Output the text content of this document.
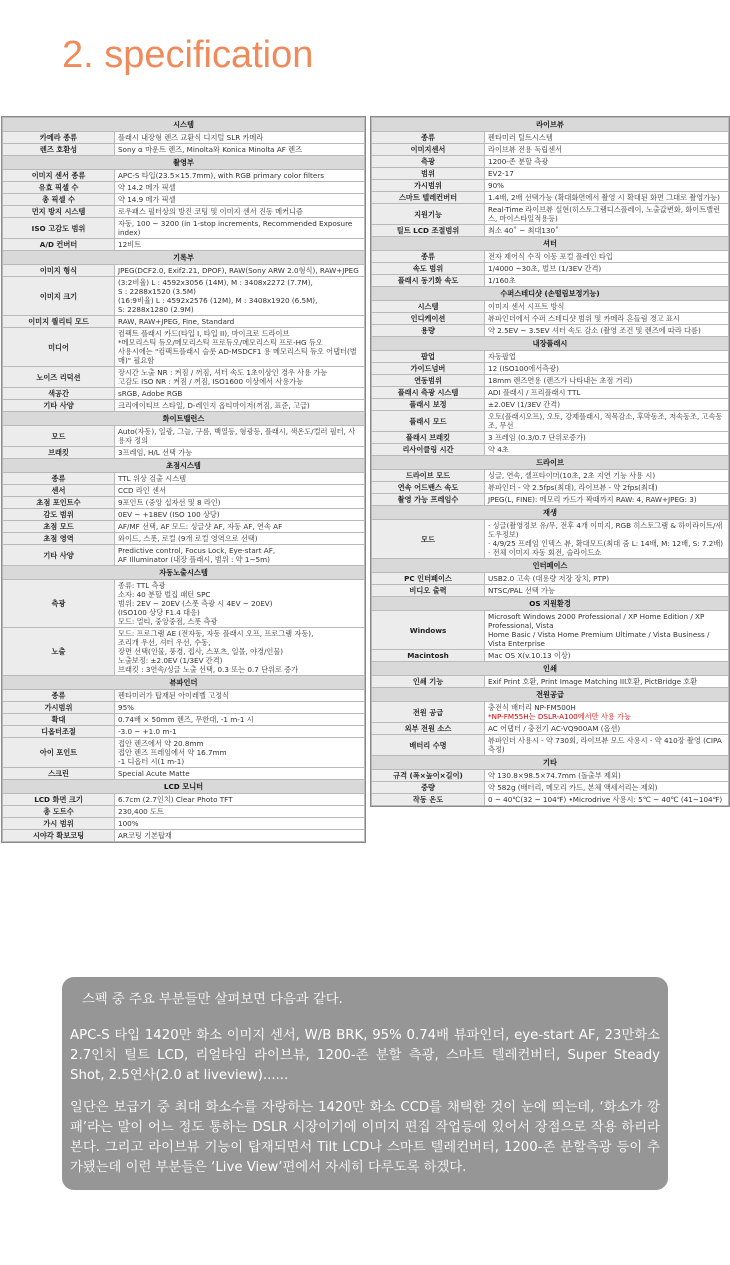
2. specification
시스템	
카메라 종류	플래시 내장형 렌즈 교환식 디지털 SLR 카메라
렌즈 호환성	Sony α 마운트 렌즈, Minolta와 Konica Minolta AF 렌즈
촬영부	
이미지 센서 종류	APC-S 타입(23.5×15.7mm), with RGB primary color filters
유효 픽셀 수	약 14.2 메가 픽셀
총 픽셀 수	약 14.9 메가 픽셀
먼지 방지 시스템	로우패스 필터상의 방진 코팅 및 이미지 센서 진동 메커니즘
ISO 고감도 범위	자동, 100 ~ 3200 (in 1-stop increments, Recommended Exposure index)
A/D 컨버터	12비트
기록부	
이미지 형식	JPEG(DCF2.0, Exif2.21, DPOF), RAW(Sony ARW 2.0형식), RAW+JPEG
이미지 크기	(3:2비율) L : 4592x3056 (14M), M : 3408x2272 (7.7M),
S : 2288x1520 (3.5M)
(16:9비율) L : 4592x2576 (12M), M : 3408x1920 (6.5M),
S: 2288x1280 (2.9M)
이미지 퀄리티 모드	RAW, RAW+JPEG, Fine, Standard
미디어	컴팩트 플래시 카드(타입 I, 타입 II), 마이크로 드라이브
*메모리스틱 듀오/메모리스틱 프로듀오/메모리스틱 프로-HG 듀오
사용시에는 "컴팩트플래시 슬롯 AD-MSDCF1 용 메모리스틱 듀오 어댑터(별매)" 필요함
노이즈 리덕션	장시간 노출 NR : 켜짐 / 꺼짐, 셔터 속도 1초이상인 경우 사용 가능
고감도 ISO NR : 켜짐 / 꺼짐, ISO1600 이상에서 사용가능
색공간	sRGB, Adobe RGB
기타 사양	크리에이티브 스타일, D-레인지 옵티마이저(꺼짐, 표준, 고급)
화이트밸런스	
모드	Auto(자동), 일광, 그늘, 구름, 백열등, 형광등, 플래시, 색온도/컬러 필터, 사용자 정의
브래킷	3프레임, H/L 선택 가능
초점시스템	
종류	TTL 위상 검출 시스템
센서	CCD 라인 센서
초점 포인트수	9포인트 (중앙 십자선 및 8 라인)
감도 범위	0EV ~ +18EV (ISO 100 상당)
초점 모드	AF/MF 선택, AF 모드: 싱글샷 AF, 자동 AF, 연속 AF
초점 영역	와이드, 스폿, 로컬 (9개 로컬 영역으로 선택)
기타 사양	Predictive control, Focus Lock, Eye-start AF,
AF Illuminator (내장 플래시, 범위 : 약 1~5m)
자동노출시스템	
측광	종류: TTL 측광
소자: 40 분할 벌집 패턴 SPC
범위: 2EV ~ 20EV (스폿 측광 시 4EV ~ 20EV)
(ISO100 상당 F1.4 대응)
모드: 멀티, 중앙중점, 스폿 측광
노출	모드: 프로그램 AE (전자동, 자동 플래시 오프, 프로그램 자동),
조리개 우선, 셔터 우선, 수동,
장면 선택(인물, 풍경, 접사, 스포츠, 일몰, 야경/인물)
노출보정: ±2.0EV (1/3EV 간격)
브래킷 : 3연속/싱글 노출 선택, 0.3 또는 0.7 단위로 증가
뷰파인더	
종류	펜타미러가 탑재된 아이레벨 고정식
가시범위	95%
확대	0.74배 × 50mm 렌즈, 무한대, -1 m-1 시
디옵터조절	-3.0 ~ +1.0 m-1
아이 포인트	접안 렌즈에서 약 20.8mm
접안 렌즈 프레임에서 약 16.7mm
-1 디옵터 시(1 m-1)
스크린	Special Acute Matte
LCD 모니터	
LCD 화면 크기	6.7cm (2.7인치) Clear Photo TFT
총 도트수	230,400 도트
가시 범위	100%
시야각 확보코팅	AR코팅 기본탑재
라이브뷰	
종류	펜타미러 틸트시스템
이미지센서	라이브뷰 전용 독립센서
측광	1200-존 분할 측광
범위	EV2-17
가시범위	90%
스마트 텔레컨버터	1.4배, 2배 선택가능 (확대화면에서 촬영 시 확대된 화면 그대로 촬영가능)
지원기능	Real-Time 라이브뷰 실현(히스토그램디스플레이, 노출값변화, 화이트밸런스, 마이스타일적용등)
틸트 LCD 조절범위	최소 40˚ ~ 최대130˚
셔터	
종류	전자 제어식 수직 이동 포컬 플레인 타입
속도 범위	1/4000 ~30초, 벌브 (1/3EV 간격)
플래시 동기화 속도	1/160초
수퍼스테디샷 (손떨림보정기능)	
시스템	이미지 센서 시프트 방식
인디케이션	뷰파인더에서 수퍼 스테디샷 범위 및 카메라 흔들림 경고 표시
용량	약 2.5EV ~ 3.5EV 셔터 속도 감소 (촬영 조건 및 렌즈에 따라 다름)
내장플래시	
팝업	자동팝업
가이드넘버	12 (ISO100에서측광)
연동범위	18mm 렌즈면용 (렌즈가 나타내는 초점 거리)
플래시 측광 시스템	ADI 플래시 / 프리플래시 TTL
플래시 보정	±2.0EV (1/3EV 간격)
플래시 모드	오토(플래시오프), 오토, 강제플래시, 적목감소, 후막동조, 저속동조, 고속동조, 무선
플래시 브래킷	3 프레임 (0.3/0.7 단위로증가)
리사이클링 시간	약 4초
드라이브	
드라이브 모드	싱글, 연속, 셀프타이머(10초, 2초 지연 기능 사용 시)
연속 어드밴스 속도	뷰파인더 - 약 2.5fps(최대), 라이브뷰 - 약 2fps(최대)
촬영 가능 프레임수	JPEG(L, FINE): 메모리 카드가 꽉때까지 RAW: 4, RAW+JPEG: 3)
재생	
모드	· 싱글(촬영정보 유/무, 전후 4개 이미지, RGB 히스토그램 & 하이라이트/새도우정보)
· 4/9/25 프레임 인덱스 뷰, 확대모드(최대 줌 L: 14배, M: 12배, S: 7.2배)
· 전체 이미지 자동 회전, 슬라이드쇼
인터페이스	
PC 인터페이스	USB2.0 고속 (대용량 저장 장치, PTP)
비디오 출력	NTSC/PAL 선택 가능
OS 지원환경	
Windows	Microsoft Windows 2000 Professional / XP Home Edition / XP Professional, Vista
Home Basic / Vista Home Premium Ultimate / Vista Business / Vista Enterprise
Macintosh	Mac OS X(v.10.13 이상)
인쇄	
인쇄 기능	Exif Print 호환, Print Image Matching III호환, PictBridge 호환
전원공급	
전원 공급	충전식 배터리 NP-FM500H
*NP-FM55H는 DSLR-A100에서만 사용 가능

외부 전원 소스	AC 어댑터 / 충전기 AC-VQ900AM (옵션)
배터리 수명	뷰파인더 사용시 - 약 730회, 라이브뷰 모드 사용시 - 약 410장 촬영 (CIPA 측정)
기타	
규격 (폭×높이×길이)	약 130.8×98.5×74.7mm (돌출부 제외)
중량	약 582g (배터리, 메모리 카드, 본체 액세서리는 제외)
작동 온도	0 ~ 40℃(32 ~ 104℉) •Microdrive 사용시: 5℃ ~ 40℃ (41~104℉)

스펙 중 주요 부분들만 살펴보면 다음과 같다.

APC-S 타입 1420만 화소 이미지 센서, W/B BRK, 95% 0.74배 뷰파인더, eye-start AF, 23만화소 2.7인치 틸트 LCD, 리얼타임 라이브뷰, 1200-존 분할 측광, 스마트 텔레컨버터, Super Steady Shot, 2.5연사(2.0 at liveview)......

일단은 보급기 중 최대 화소수를 자랑하는 1420만 화소 CCD를 채택한 것이 눈에 띄는데, ‘화소가 깡패’라는 말이 어느 정도 통하는 DSLR 시장이기에 이미지 편집 작업등에 있어서 장점으로 작용 하리라 본다. 그리고 라이브뷰 기능이 탑재되면서 Tilt LCD나 스마트 텔레컨버터, 1200-존 분할측광 등이 추가됐는데 이런 부분들은 ‘Live View’편에서 자세히 다루도록 하겠다.
